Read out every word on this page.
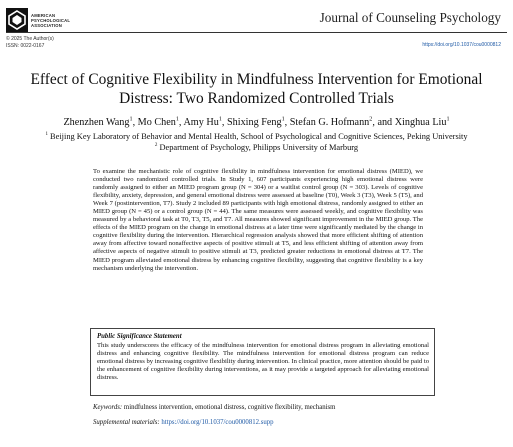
AMERICAN
PSYCHOLOGICAL
ASSOCIATION
Journal of Counseling Psychology
© 2025 The Author(s)
ISSN: 0022-0167	https://doi.org/10.1037/cou0000812
Effect of Cognitive Flexibility in Mindfulness Intervention for Emotional
Distress: Two Randomized Controlled Trials
Zhenzhen Wang$^1$, Mo Chen$^1$, Amy Hu$^1$, Shixing Feng$^1$, Stefan G. Hofmann$^2$, and Xinghua Liu$^1$
$^1$ Beijing Key Laboratory of Behavior and Mental Health, School of Psychological and Cognitive Sciences, Peking University
$^2$ Department of Psychology, Philipps University of Marburg
To examine the mechanistic role of cognitive flexibility in mindfulness intervention for emotional distress (MIED), we conducted two randomized controlled trials. In Study 1, 607 participants experiencing high emotional distress were randomly assigned to either an MIED program group (N = 304) or a waitlist control group (N = 303). Levels of cognitive flexibility, anxiety, depression, and general emotional distress were assessed at baseline (T0), Week 3 (T3), Week 5 (T5), and Week 7 (postintervention, T7). Study 2 included 89 participants with high emotional distress, randomly assigned to either an MIED group (N = 45) or a control group (N = 44). The same measures were assessed weekly, and cognitive flexibility was measured by a behavioral task at T0, T3, T5, and T7. All measures showed significant improvement in the MIED group. The effects of the MIED program on the change in emotional distress at a later time were significantly mediated by the change in cognitive flexibility during the intervention. Hierarchical regression analysis showed that more efficient shifting of attention away from affective toward nonaffective aspects of positive stimuli at T5, and less efficient shifting of attention away from affective aspects of negative stimuli to positive stimuli at T3, predicted greater reductions in emotional distress at T7. The MIED program alleviated emotional distress by enhancing cognitive flexibility, suggesting that cognitive flexibility is a key mechanism underlying the intervention.
Public Significance Statement
This study underscores the efficacy of the mindfulness intervention for emotional distress program in alleviating emotional distress and enhancing cognitive flexibility. The mindfulness intervention for emotional distress program can reduce emotional distress by increasing cognitive flexibility during intervention. In clinical practice, more attention should be paid to the enhancement of cognitive flexibility during interventions, as it may provide a targeted approach for alleviating emotional distress.
Keywords: mindfulness intervention, emotional distress, cognitive flexibility, mechanism
Supplemental materials: https://doi.org/10.1037/cou0000812.supp
